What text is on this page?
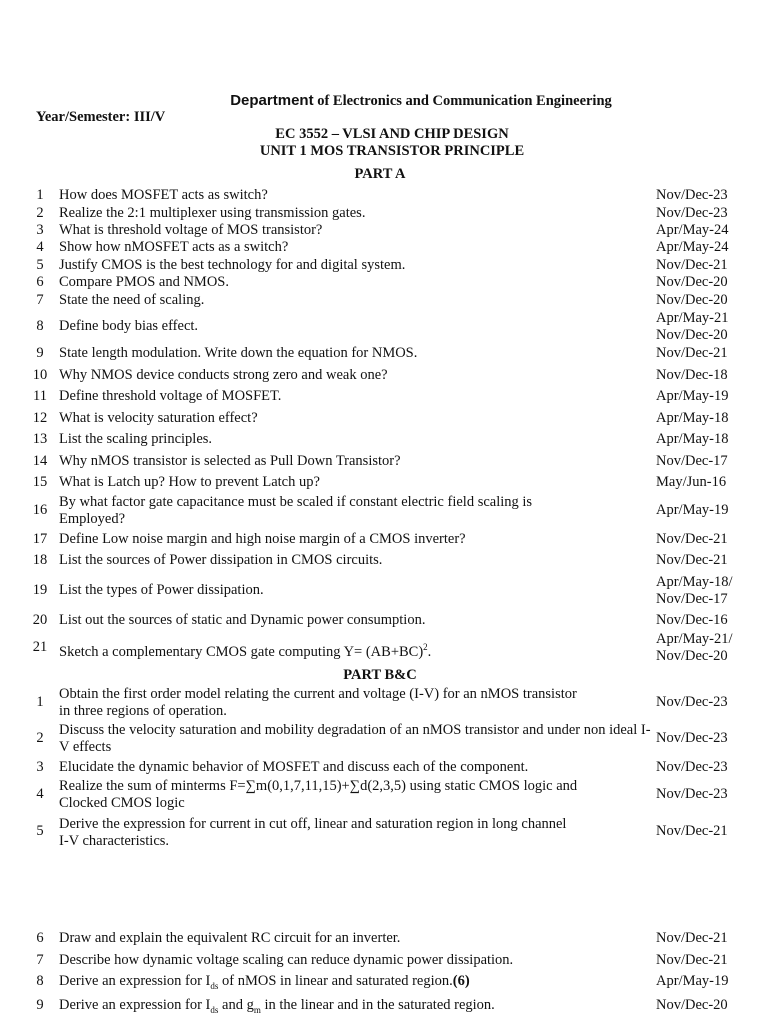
Department of Electronics and Communication Engineering
Year/Semester: III/V
EC 3552 – VLSI AND CHIP DESIGN
UNIT 1 MOS TRANSISTOR PRINCIPLE
PART A
1	How does MOSFET acts as switch?	Nov/Dec-23
2	Realize the 2:1 multiplexer using transmission gates.	Nov/Dec-23
3	What is threshold voltage of MOS transistor?	Apr/May-24
4	Show how nMOSFET acts as a switch?	Apr/May-24
5	Justify CMOS is the best technology for and digital system.	Nov/Dec-21
6	Compare PMOS and NMOS.	Nov/Dec-20
7	State the need of scaling.	Nov/Dec-20
8	Define body bias effect.	Apr/May-21
Nov/Dec-20
9	State length modulation. Write down the equation for NMOS.	Nov/Dec-21
10 Why NMOS device conducts strong zero and weak one?	Nov/Dec-18
11 Define threshold voltage of MOSFET.	Apr/May-19
12 What is velocity saturation effect?	Apr/May-18
13 List the scaling principles.	Apr/May-18
14 Why nMOS transistor is selected as Pull Down Transistor?	Nov/Dec-17
15 What is Latch up? How to prevent Latch up?	May/Jun-16
16 By what factor gate capacitance must be scaled if constant electric field scaling is
Employed?
Apr/May-19
17 Define Low noise margin and high noise margin of a CMOS inverter?	Nov/Dec-21
18 List the sources of Power dissipation in CMOS circuits.	Nov/Dec-21
19 List the types of Power dissipation.	Apr/May-18/
Nov/Dec-17
20 List out the sources of static and Dynamic power consumption.	Nov/Dec-16
21 Sketch a complementary CMOS gate computing $Y= (AB+BC)^2$.
Apr/May-21/
Nov/Dec-20
PART B&C
1	Obtain the first order model relating the current and voltage (I-V) for an nMOS transistor
in three regions of operation.
Nov/Dec-23
2	Discuss the velocity saturation and mobility degradation of an nMOS transistor and under non ideal I-
V effects
Nov/Dec-23
3	Elucidate the dynamic behavior of MOSFET and discuss each of the component.	Nov/Dec-23
4	Realize the sum of minterms F=∑m(0,1,7,11,15)+∑d(2,3,5) using static CMOS logic and
Clocked CMOS logic
Nov/Dec-23
5	Derive the expression for current in cut off, linear and saturation region in long channel
I-V characteristics.
Nov/Dec-21
6	Draw and explain the equivalent RC circuit for an inverter.	Nov/Dec-21
7	Describe how dynamic voltage scaling can reduce dynamic power dissipation.	Nov/Dec-21
8	Derive an expression for $I_{ds}$ of nMOS in linear and saturated region.(6)	Apr/May-19
9	Derive an expression for $I_{ds}$ and $g_m$ in the linear and in the saturated region.	Nov/Dec-20
